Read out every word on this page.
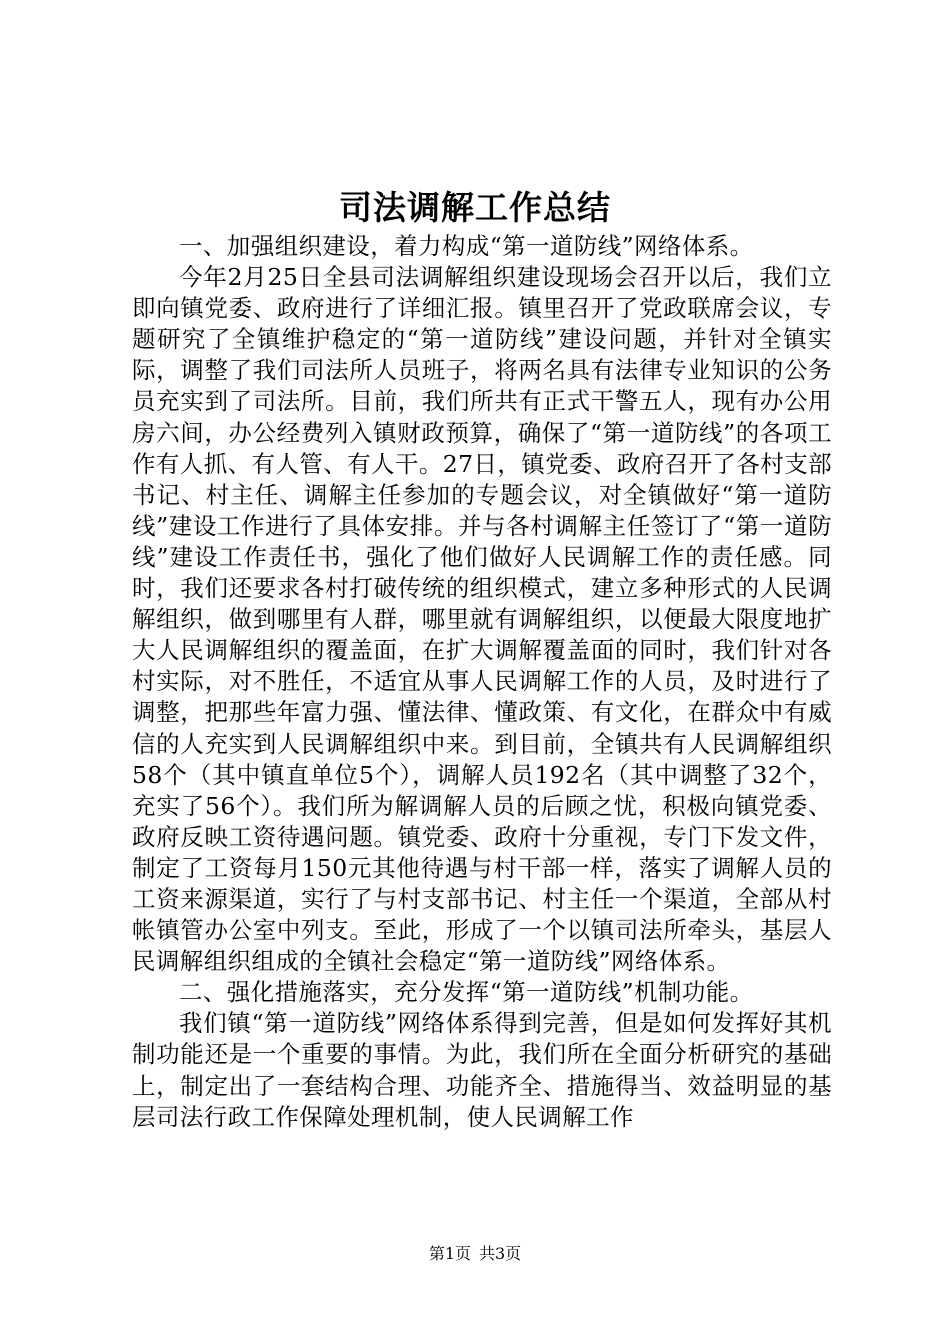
司法调解工作总结

一、加强组织建设，着力构成“第一道防线”网络体系。

今年2月25日全县司法调解组织建设现场会召开以后，我们立即向镇党委、政府进行了详细汇报。镇里召开了党政联席会议，专题研究了全镇维护稳定的“第一道防线”建设问题，并针对全镇实际，调整了我们司法所人员班子，将两名具有法律专业知识的公务员充实到了司法所。目前，我们所共有正式干警五人，现有办公用房六间，办公经费列入镇财政预算，确保了“第一道防线”的各项工作有人抓、有人管、有人干。27日，镇党委、政府召开了各村支部书记、村主任、调解主任参加的专题会议，对全镇做好“第一道防线”建设工作进行了具体安排。并与各村调解主任签订了“第一道防线”建设工作责任书，强化了他们做好人民调解工作的责任感。同时，我们还要求各村打破传统的组织模式，建立多种形式的人民调解组织，做到哪里有人群，哪里就有调解组织，以便最大限度地扩大人民调解组织的覆盖面，在扩大调解覆盖面的同时，我们针对各村实际，对不胜任，不适宜从事人民调解工作的人员，及时进行了调整，把那些年富力强、懂法律、懂政策、有文化，在群众中有威信的人充实到人民调解组织中来。到目前，全镇共有人民调解组织58个（其中镇直单位5个），调解人员192名（其中调整了32个，充实了56个）。我们所为解调解人员的后顾之忧，积极向镇党委、政府反映工资待遇问题。镇党委、政府十分重视，专门下发文件，制定了工资每月150元其他待遇与村干部一样，落实了调解人员的工资来源渠道，实行了与村支部书记、村主任一个渠道，全部从村帐镇管办公室中列支。至此，形成了一个以镇司法所牵头，基层人民调解组织组成的全镇社会稳定“第一道防线”网络体系。

二、强化措施落实，充分发挥“第一道防线”机制功能。

我们镇“第一道防线”网络体系得到完善，但是如何发挥好其机制功能还是一个重要的事情。为此，我们所在全面分析研究的基础上，制定出了一套结构合理、功能齐全、措施得当、效益明显的基层司法行政工作保障处理机制，使人民调解工作

第1页 共3页
